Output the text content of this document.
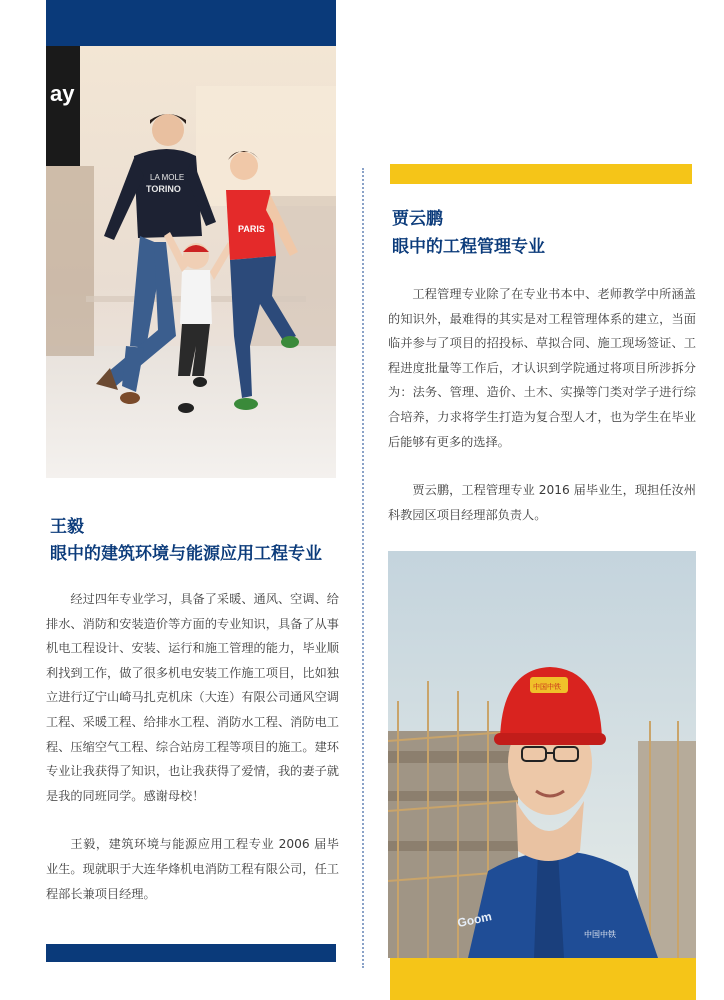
ay
LA MOLE
TORINO
PARIS
王毅
眼中的建筑环境与能源应用工程专业

经过四年专业学习，具备了采暖、通风、空调、给排水、消防和安装造价等方面的专业知识，具备了从事机电工程设计、安装、运行和施工管理的能力，毕业顺利找到工作，做了很多机电安装工作施工项目，比如独立进行辽宁山崎马扎克机床（大连）有限公司通风空调工程、采暖工程、给排水工程、消防水工程、消防电工程、压缩空气工程、综合站房工程等项目的施工。建环专业让我获得了知识，也让我获得了爱情，我的妻子就是我的同班同学。感谢母校！

王毅，建筑环境与能源应用工程专业 2006 届毕业生。现就职于大连华烽机电消防工程有限公司，任工程部长兼项目经理。

贾云鹏
眼中的工程管理专业

工程管理专业除了在专业书本中、老师教学中所涵盖的知识外，最难得的其实是对工程管理体系的建立，当面临并参与了项目的招投标、草拟合同、施工现场签证、工程进度批量等工作后，才认识到学院通过将项目所涉拆分为：法务、管理、造价、土木、实操等门类对学子进行综合培养，力求将学生打造为复合型人才，也为学生在毕业后能够有更多的选择。

贾云鹏，工程管理专业 2016 届毕业生，现担任汝州科教园区项目经理部负责人。

Goom
中国中铁
中国中铁
